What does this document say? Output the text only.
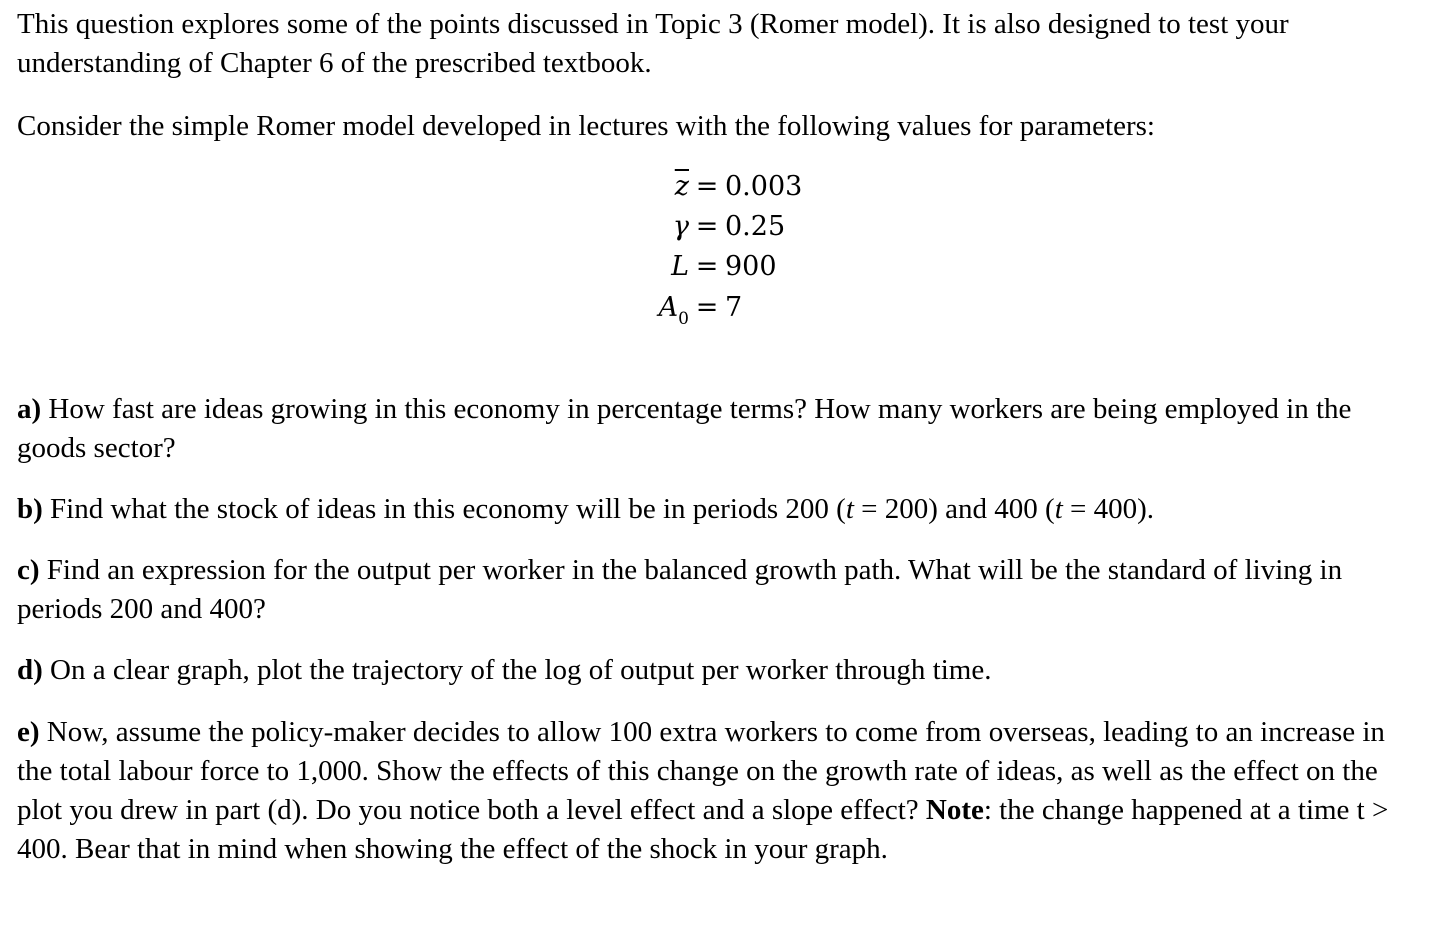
This question explores some of the points discussed in Topic 3 (Romer model). It is also designed to test your understanding of Chapter 6 of the prescribed textbook.

Consider the simple Romer model developed in lectures with the following values for parameters:

$\overline{z} = 0.003$
γ = 0.25
L = 900
$A_0 = 7$

a) How fast are ideas growing in this economy in percentage terms? How many workers are being employed in the goods sector?

b) Find what the stock of ideas in this economy will be in periods 200 (t = 200) and 400 (t = 400).

c) Find an expression for the output per worker in the balanced growth path. What will be the standard of living in periods 200 and 400?

d) On a clear graph, plot the trajectory of the log of output per worker through time.

e) Now, assume the policy-maker decides to allow 100 extra workers to come from overseas, leading to an increase in the total labour force to 1,000. Show the effects of this change on the growth rate of ideas, as well as the effect on the plot you drew in part (d). Do you notice both a level effect and a slope effect? Note: the change happened at a time t > 400. Bear that in mind when showing the effect of the shock in your graph.
